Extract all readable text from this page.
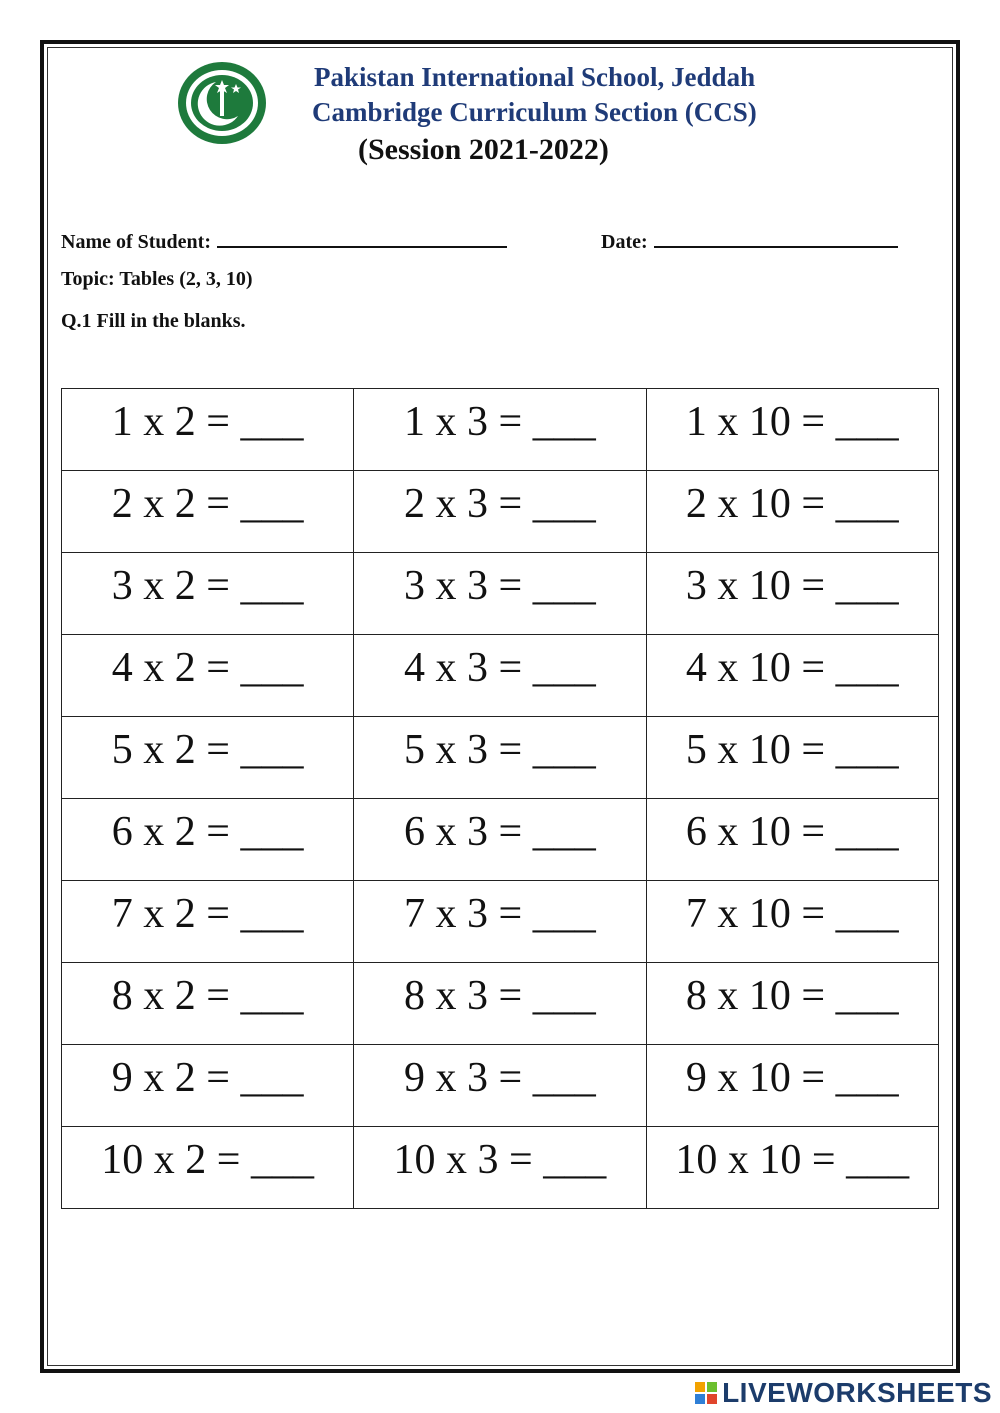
Pakistan International School, Jeddah
Cambridge Curriculum Section (CCS)
(Session 2021-2022)
Name of Student:	Date:
Topic: Tables (2, 3, 10)
Q.1 Fill in the blanks.
1 x 2 = ___	1 x 3 = ___	1 x 10 = ___
2 x 2 = ___	2 x 3 = ___	2 x 10 = ___
3 x 2 = ___	3 x 3 = ___	3 x 10 = ___
4 x 2 = ___	4 x 3 = ___	4 x 10 = ___
5 x 2 = ___	5 x 3 = ___	5 x 10 = ___
6 x 2 = ___	6 x 3 = ___	6 x 10 = ___
7 x 2 = ___	7 x 3 = ___	7 x 10 = ___
8 x 2 = ___	8 x 3 = ___	8 x 10 = ___
9 x 2 = ___	9 x 3 = ___	9 x 10 = ___
10 x 2 = ___	10 x 3 = ___	10 x 10 = ___
LIVEWORKSHEETS
